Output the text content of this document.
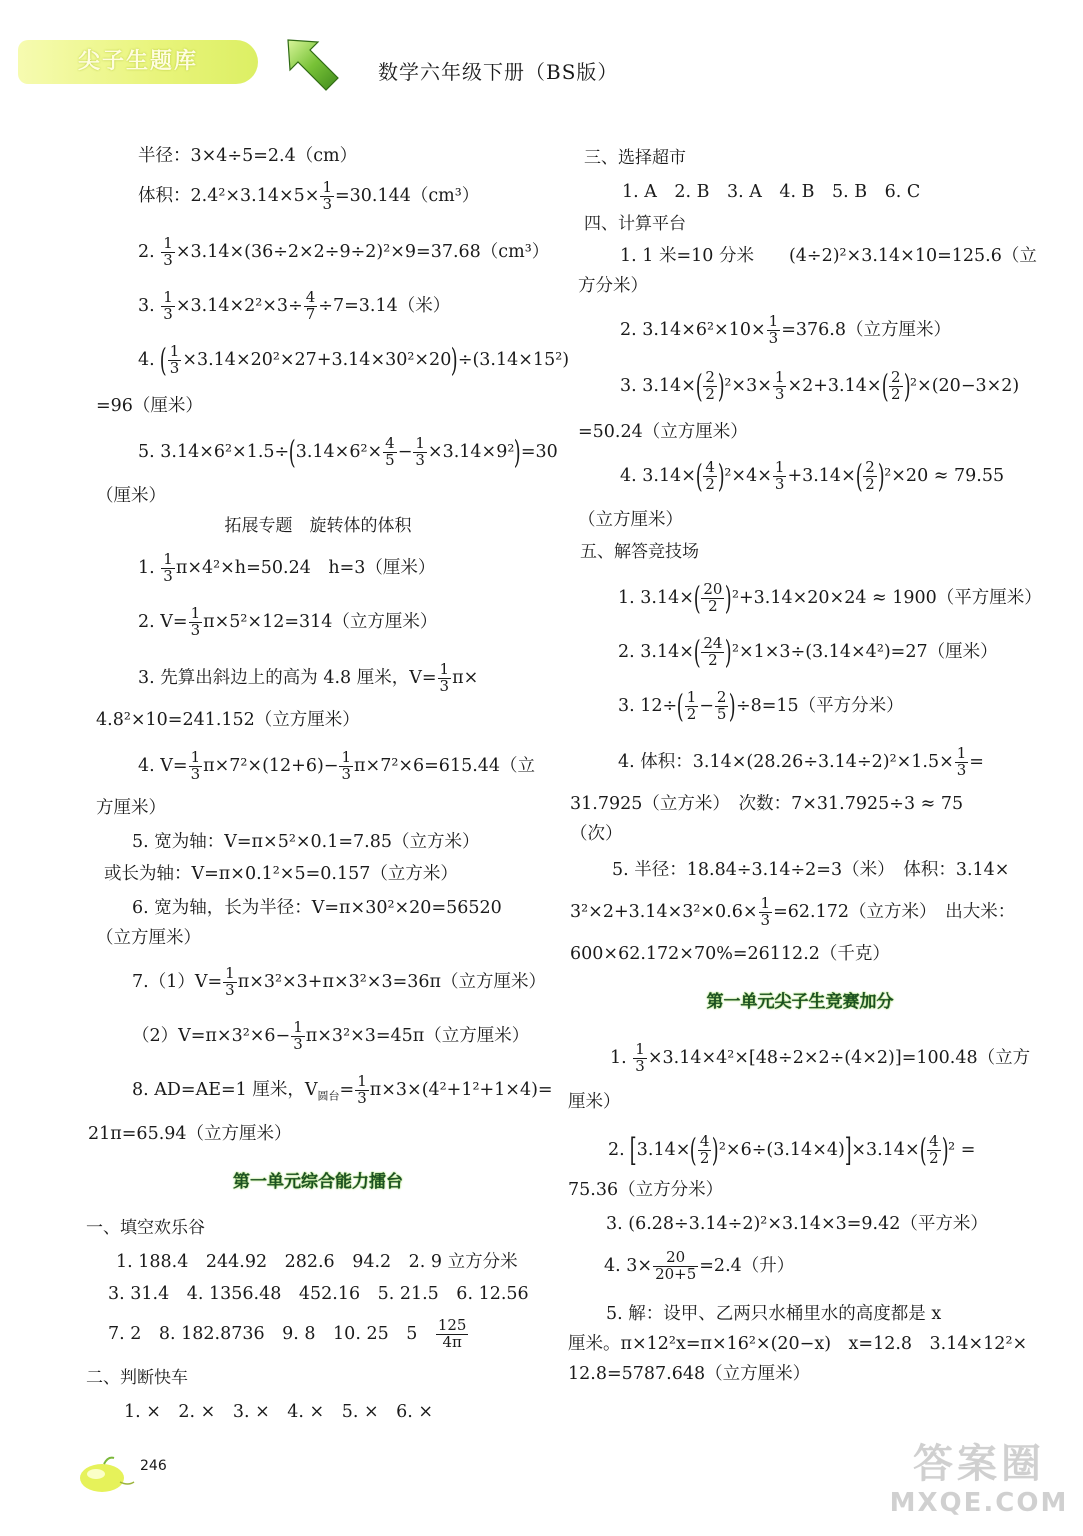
尖子生题库	数学六年级下册（BS版）
半径：3×4÷5=2.4（cm）
体积：$2.4^2\times 3.14\times 5\times \frac{1}{3} =30.144(cm^3)$
2. $\frac{1}{3} \times 3.14\times(36\div 2\times 2\div 9\div 2)^2\times 9=37.68(cm^3)$
3. $\frac{1}{3} \times 3.14\times 2^2\times 3\div \frac{4}{7} \div 7=3.14$（米）
4. ( $\frac{1}{3} \times 3.14\times 20^2\times 27+3.14\times 30^2\times 20)\div(3.14\times 15^2)$
=96（厘米）
5. $3.14\times 6^2\times 1.5\div(3.14\times 6^2\times \frac{4}{5} - \frac{1}{3} \times 3.14\times 9^2)=30$
（厘米）
拓展专题　旋转体的体积
1. $\frac{1}{3} \pi\times 4^2\times h=50.24$　h=3（厘米）
2. $V= \frac{1}{3} \pi\times 5^2\times 12=314$（立方厘米）
3. 先算出斜边上的高为 4.8 厘米，$V= \frac{1}{3} \pi\times$
4.8²×10=241.152（立方厘米）
4. $V= \frac{1}{3} \pi\times 7^2\times(12+6)- \frac{1}{3} \pi\times 7^2\times 6=615.44$（立
方厘米）
5. 宽为轴：V=π×5²×0.1=7.85（立方米）
或长为轴：V=π×0.1²×5=0.157（立方米）
6. 宽为轴，长为半径：V=π×30²×20=56520
（立方厘米）
$7.(1)V= \frac{1}{3} \pi\times 3^2\times 3+\pi\times 3^2\times 3=36\pi$（立方厘米）
$(2)V=\pi\times 3^2\times 6- \frac{1}{3} \pi\times 3^2\times 3=45\pi$（立方厘米）
8. AD=AE=1 厘米，$V_{圆台}= \frac{1}{3} \pi\times 3\times(4^2+1^2+1\times 4)=$
21π=65.94（立方厘米）
第一单元综合能力擂台
一、填空欢乐谷
1. 188.4　244.92　282.6　94.2　2. 9 立方分米
3. 31.4　4. 1356.48　452.16　5. 21.5　6. 12.56
7. 2　8. 182.8736　9. 8　10. 25　5　 $\frac{125}{4\pi}$
二、判断快车
1. ×　2. ×　3. ×　4. ×　5. ×　6. ×
三、选择超市
1. A　2. B　3. A　4. B　5. B　6. C
四、计算平台
1. 1 米=10 分米　　(4÷2)²×3.14×10=125.6（立
方分米）
2. $3.14\times 6^2\times 10\times \frac{1}{3} =376.8$（立方厘米）
3. $3.14\times( \frac{2}{2} )^2\times 3\times \frac{1}{3} \times 2+3.14\times( \frac{2}{2} )^2\times(20-3\times 2)$
=50.24（立方厘米）
4. $3.14\times( \frac{4}{2} )^2\times 4\times \frac{1}{3} +3.14\times( \frac{2}{2} )^2\times 20 \approx 79.55$
（立方厘米）
五、解答竞技场
1. $3.14\times( \frac{20}{2} )^2+3.14\times 20\times 24 \approx 1900$（平方厘米）
2. $3.14\times( \frac{24}{2} )^2\times 1\times 3\div(3.14\times 4^2)=27$（厘米）
3. $12\div( \frac{1}{2} - \frac{2}{5} )\div 8=15$（平方分米）
4. 体积：$3.14\times(28.26\div 3.14\div 2)^2\times 1.5\times \frac{1}{3}$ =
31.7925（立方米）　次数：7×31.7925÷3 ≈ 75
（次）
5. 半径：18.84÷3.14÷2=3（米）　体积：3.14×
$3^2\times 2+3.14\times 3^2\times 0.6\times \frac{1}{3} =62.172$（立方米）　出大米：
600×62.172×70%=26112.2（千克）
第一单元尖子生竞赛加分
1. $\frac{1}{3} \times 3.14\times 4^2\times[48\div 2\times 2\div(4\times 2)]=100.48$（立方
厘米）
2. $[3.14\times( \frac{4}{2} )^2\times 6\div(3.14\times 4)]\times 3.14\times( \frac{4}{2} )^2$ =
75.36（立方分米）
3. (6.28÷3.14÷2)²×3.14×3=9.42（平方米）
4. $3\times \frac{20}{20+5} =2.4$（升）
5. 解：设甲、乙两只水桶里水的高度都是 x
厘米。π×12²x=π×16²×(20−x)　x=12.8　3.14×12²×
12.8=5787.648（立方厘米）
246	答案圈
MXQE.COM
